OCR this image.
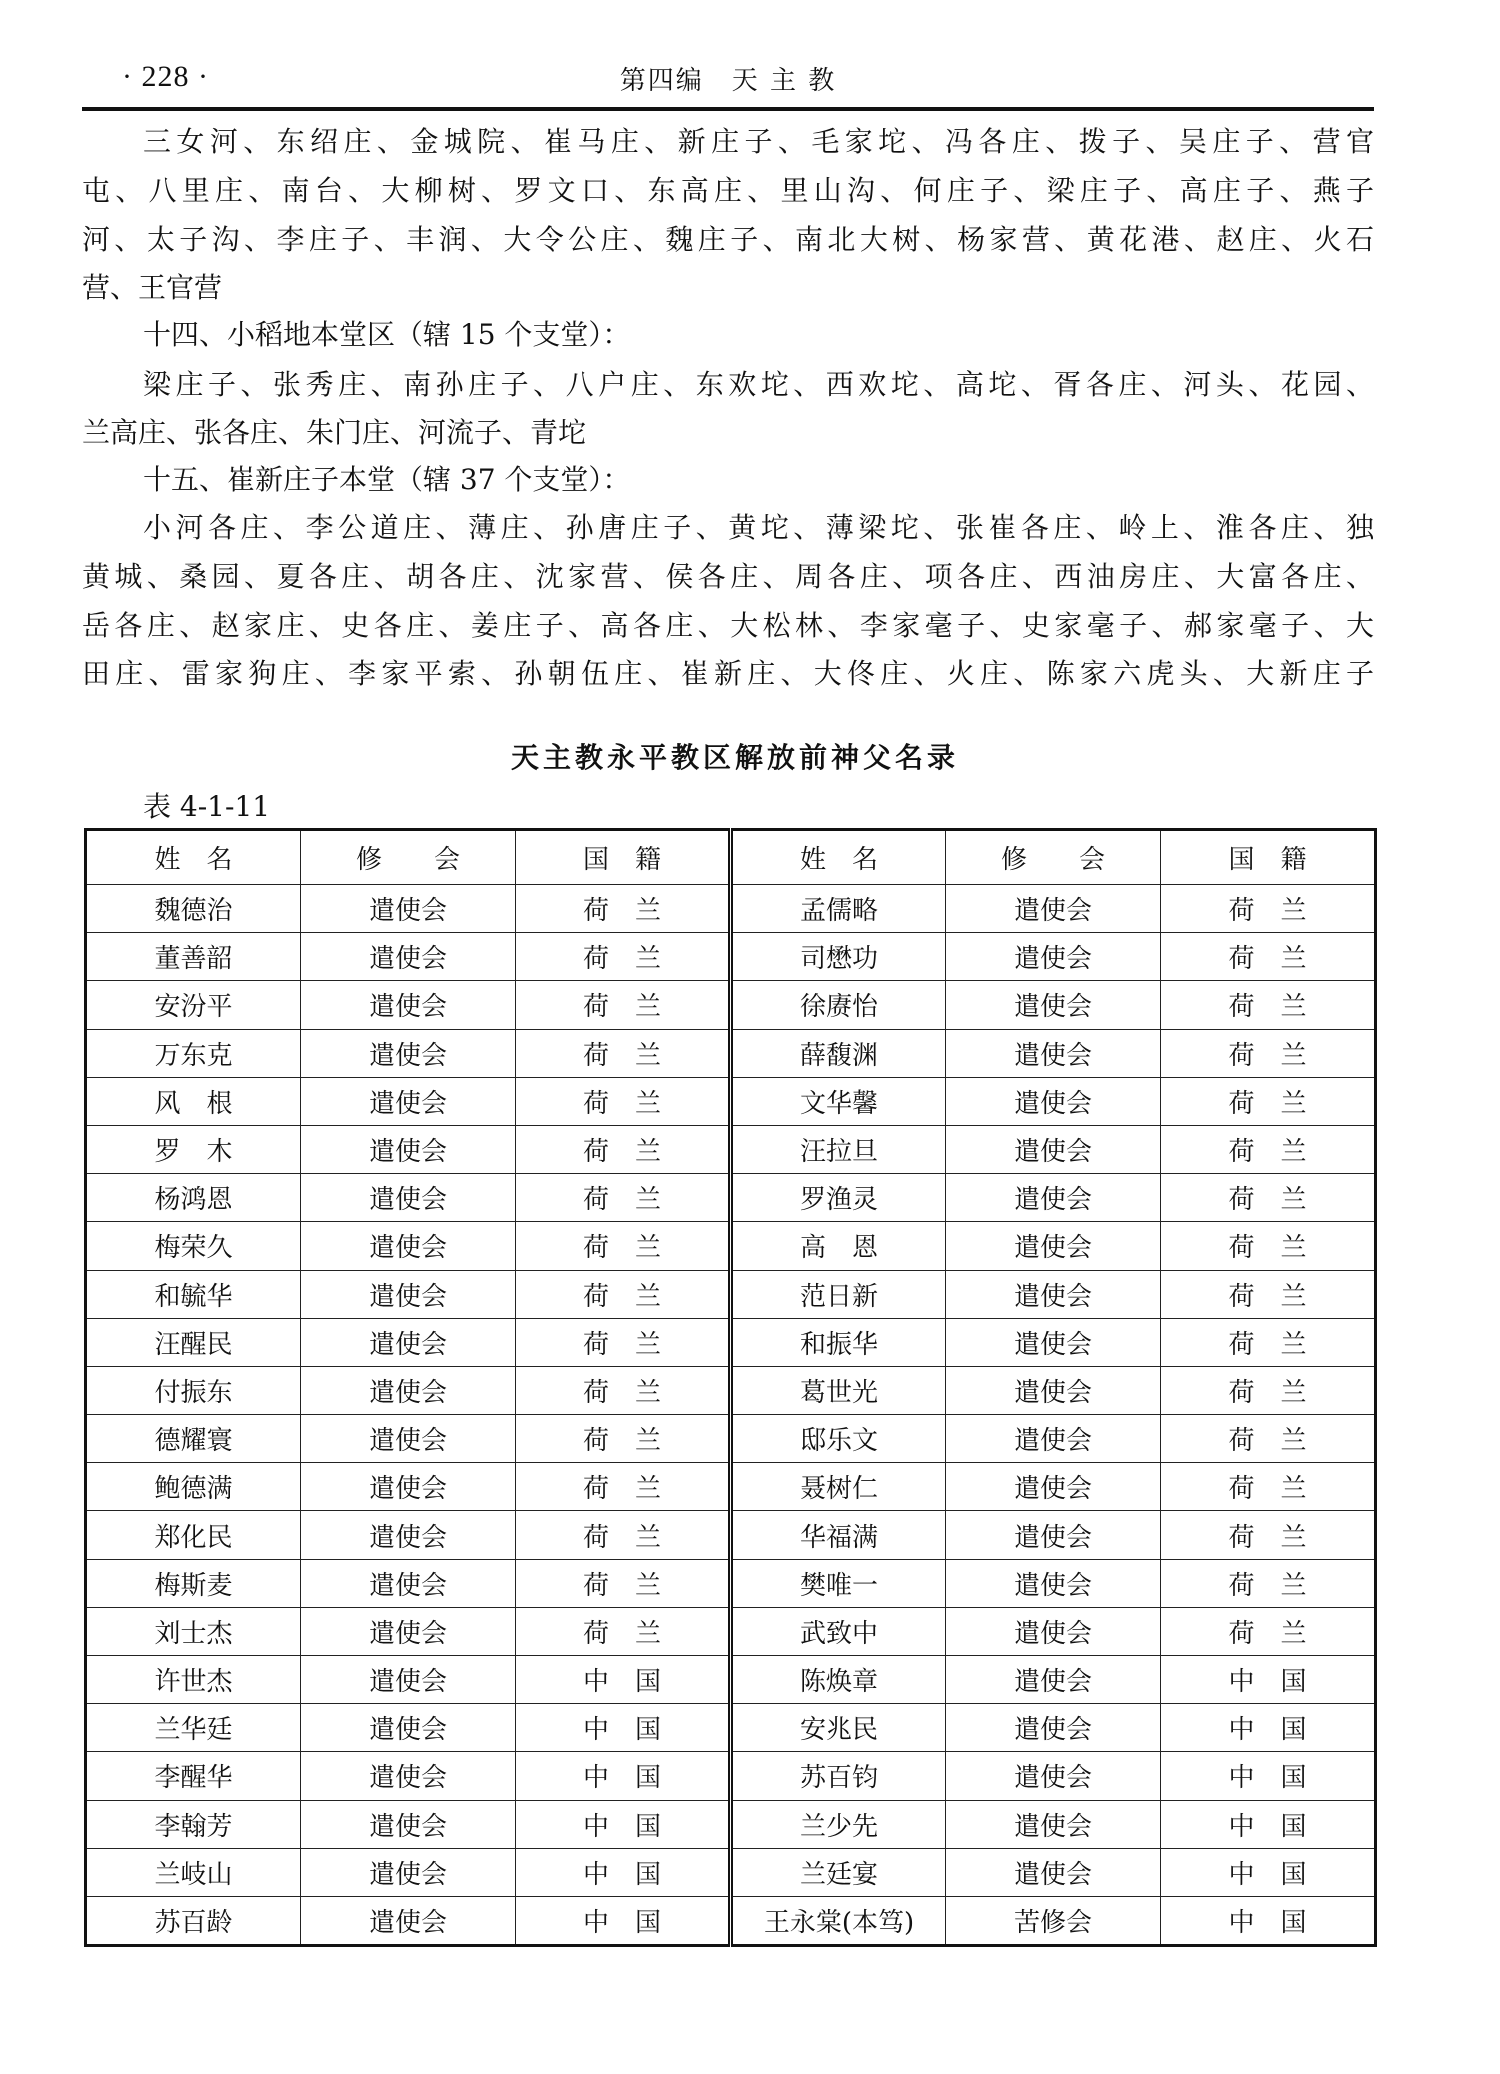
· 228 ·	第四编　天 主 教
三女河、东绍庄、金城院、崔马庄、新庄子、毛家坨、冯各庄、拨子、吴庄子、营官
屯、八里庄、南台、大柳树、罗文口、东高庄、里山沟、何庄子、梁庄子、高庄子、燕子
河、太子沟、李庄子、丰润、大令公庄、魏庄子、南北大树、杨家营、黄花港、赵庄、火石
营、王官营
十四、小稻地本堂区（辖 15 个支堂）：
梁庄子、张秀庄、南孙庄子、八户庄、东欢坨、西欢坨、高坨、胥各庄、河头、花园、
兰高庄、张各庄、朱门庄、河流子、青坨
十五、崔新庄子本堂（辖 37 个支堂）：
小河各庄、李公道庄、薄庄、孙唐庄子、黄坨、薄梁坨、张崔各庄、岭上、淮各庄、独
黄城、桑园、夏各庄、胡各庄、沈家营、侯各庄、周各庄、项各庄、西油房庄、大富各庄、
岳各庄、赵家庄、史各庄、姜庄子、高各庄、大松林、李家毫子、史家毫子、郝家毫子、大
田庄、雷家狗庄、李家平索、孙朝伍庄、崔新庄、大佟庄、火庄、陈家六虎头、大新庄子
天主教永平教区解放前神父名录
表 4-1-11
姓　名	修　　会	国　籍	姓　名	修　　会	国　籍
魏德治	遣使会	荷　兰	孟儒略	遣使会	荷　兰
董善韶	遣使会	荷　兰	司懋功	遣使会	荷　兰
安汾平	遣使会	荷　兰	徐赓怡	遣使会	荷　兰
万东克	遣使会	荷　兰	薛馥渊	遣使会	荷　兰
风　根	遣使会	荷　兰	文华馨	遣使会	荷　兰
罗　木	遣使会	荷　兰	汪拉旦	遣使会	荷　兰
杨鸿恩	遣使会	荷　兰	罗渔灵	遣使会	荷　兰
梅荣久	遣使会	荷　兰	高　恩	遣使会	荷　兰
和毓华	遣使会	荷　兰	范日新	遣使会	荷　兰
汪醒民	遣使会	荷　兰	和振华	遣使会	荷　兰
付振东	遣使会	荷　兰	葛世光	遣使会	荷　兰
德耀寰	遣使会	荷　兰	邸乐文	遣使会	荷　兰
鲍德满	遣使会	荷　兰	聂树仁	遣使会	荷　兰
郑化民	遣使会	荷　兰	华福满	遣使会	荷　兰
梅斯麦	遣使会	荷　兰	樊唯一	遣使会	荷　兰
刘士杰	遣使会	荷　兰	武致中	遣使会	荷　兰
许世杰	遣使会	中　国	陈焕章	遣使会	中　国
兰华廷	遣使会	中　国	安兆民	遣使会	中　国
李醒华	遣使会	中　国	苏百钧	遣使会	中　国
李翰芳	遣使会	中　国	兰少先	遣使会	中　国
兰岐山	遣使会	中　国	兰廷宴	遣使会	中　国
苏百龄	遣使会	中　国	王永棠(本笃)	苦修会	中　国
